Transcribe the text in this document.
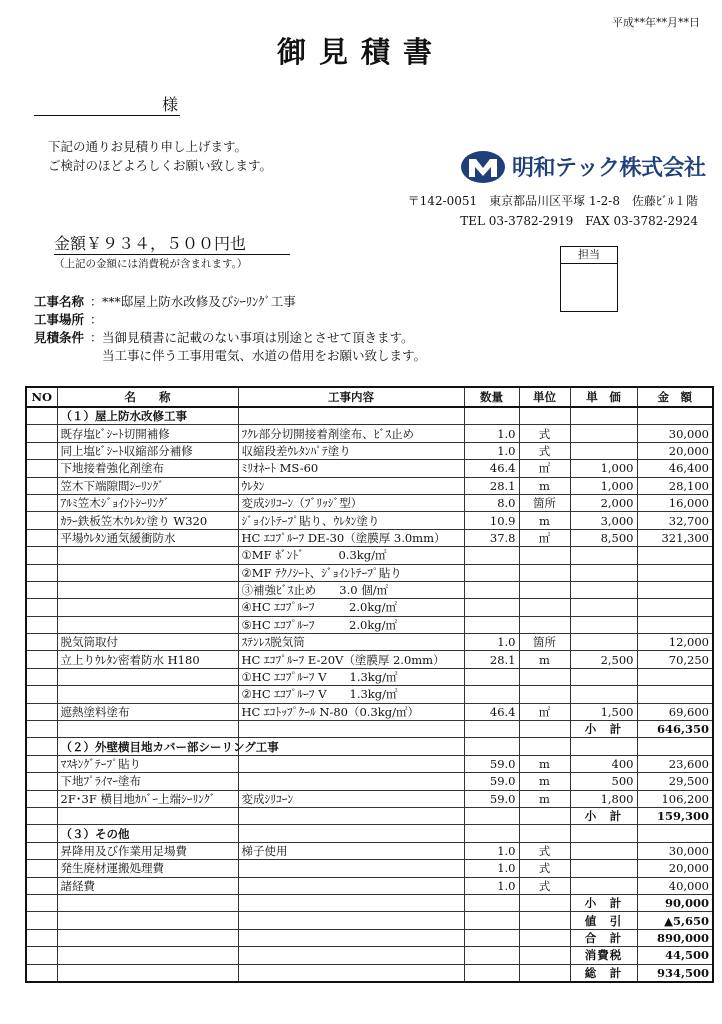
平成**年**月**日
御見積書
様
下記の通りお見積り申し上げます。
ご検討のほどよろしくお願い致します。	明和テック株式会社
〒142-0051　東京都品川区平塚 1-2-8　佐藤ﾋﾞﾙ１階
TEL 03-3782-2919　FAX 03-3782-2924
金額￥９３４，５００円也
（上記の金額には消費税が含まれます。）
担当
工事名称 ： ***邸屋上防水改修及びｼｰﾘﾝｸﾞ工事
工事場所 ：
見積条件 ： 当御見積書に記載のない事項は別途とさせて頂きます。
当工事に伴う工事用電気、水道の借用をお願い致します。
NO	名　　称	工事内容	数量	単位	単　価	金　額
	（１）屋上防水改修工事					
	既存塩ﾋﾞｼｰﾄ切開補修	ﾌｸﾚ部分切開接着剤塗布、ﾋﾞｽ止め	1.0	式		30,000
	同上塩ﾋﾞｼｰﾄ収縮部分補修	収縮段差ｳﾚﾀﾝﾊﾟﾃ塗り	1.0	式		20,000
	下地接着強化剤塗布	ﾐﾘｵﾈｰﾄ MS-60	46.4	㎡	1,000	46,400
	笠木下端隙間ｼｰﾘﾝｸﾞ	ｳﾚﾀﾝ	28.1	m	1,000	28,100
	ｱﾙﾐ笠木ｼﾞｮｲﾝﾄｼｰﾘﾝｸﾞ	変成ｼﾘｺｰﾝ（ﾌﾞﾘｯｼﾞ型）	8.0	箇所	2,000	16,000
	ｶﾗｰ鉄板笠木ｳﾚﾀﾝ塗り W320	ｼﾞｮｲﾝﾄﾃｰﾌﾟ貼り、ｳﾚﾀﾝ塗り	10.9	m	3,000	32,700
	平場ｳﾚﾀﾝ通気緩衝防水	HC ｴｺﾌﾟﾙｰﾌ DE-30（塗膜厚 3.0mm）	37.8	㎡	8,500	321,300
		①MF ﾎﾞﾝﾄﾞ　　　0.3kg/㎡				
		②MF ﾃｸﾉｼｰﾄ、ｼﾞｮｲﾝﾄﾃｰﾌﾟ貼り				
		③補強ﾋﾞｽ止め　　3.0 個/㎡				
		④HC ｴｺﾌﾟﾙｰﾌ　　　2.0kg/㎡				
		⑤HC ｴｺﾌﾟﾙｰﾌ　　　2.0kg/㎡				
	脱気筒取付	ｽﾃﾝﾚｽ脱気筒	1.0	箇所		12,000
	立上りｳﾚﾀﾝ密着防水 H180	HC ｴｺﾌﾟﾙｰﾌ E-20V（塗膜厚 2.0mm）	28.1	m	2,500	70,250
		①HC ｴｺﾌﾟﾙｰﾌ V　　1.3kg/㎡				
		②HC ｴｺﾌﾟﾙｰﾌ V　　1.3kg/㎡				
	遮熱塗料塗布	HC ｴｺﾄｯﾌﾟｸｰﾙ N-80（0.3kg/㎡）	46.4	㎡	1,500	69,600
					小　計	646,350
	（２）外壁横目地カバー部シーリング工事					
	ﾏｽｷﾝｸﾞﾃｰﾌﾟ貼り		59.0	m	400	23,600
	下地ﾌﾟﾗｲﾏｰ塗布		59.0	m	500	29,500
	2F･3F 横目地ｶﾊﾞｰ上端ｼｰﾘﾝｸﾞ	変成ｼﾘｺｰﾝ	59.0	m	1,800	106,200
					小　計	159,300
	（３）その他					
	昇降用及び作業用足場費	梯子使用	1.0	式		30,000
	発生廃材運搬処理費		1.0	式		20,000
	諸経費		1.0	式		40,000
					小　計	90,000
					値　引	▲5,650
					合　計	890,000
					消費税	44,500
					総　計	934,500
